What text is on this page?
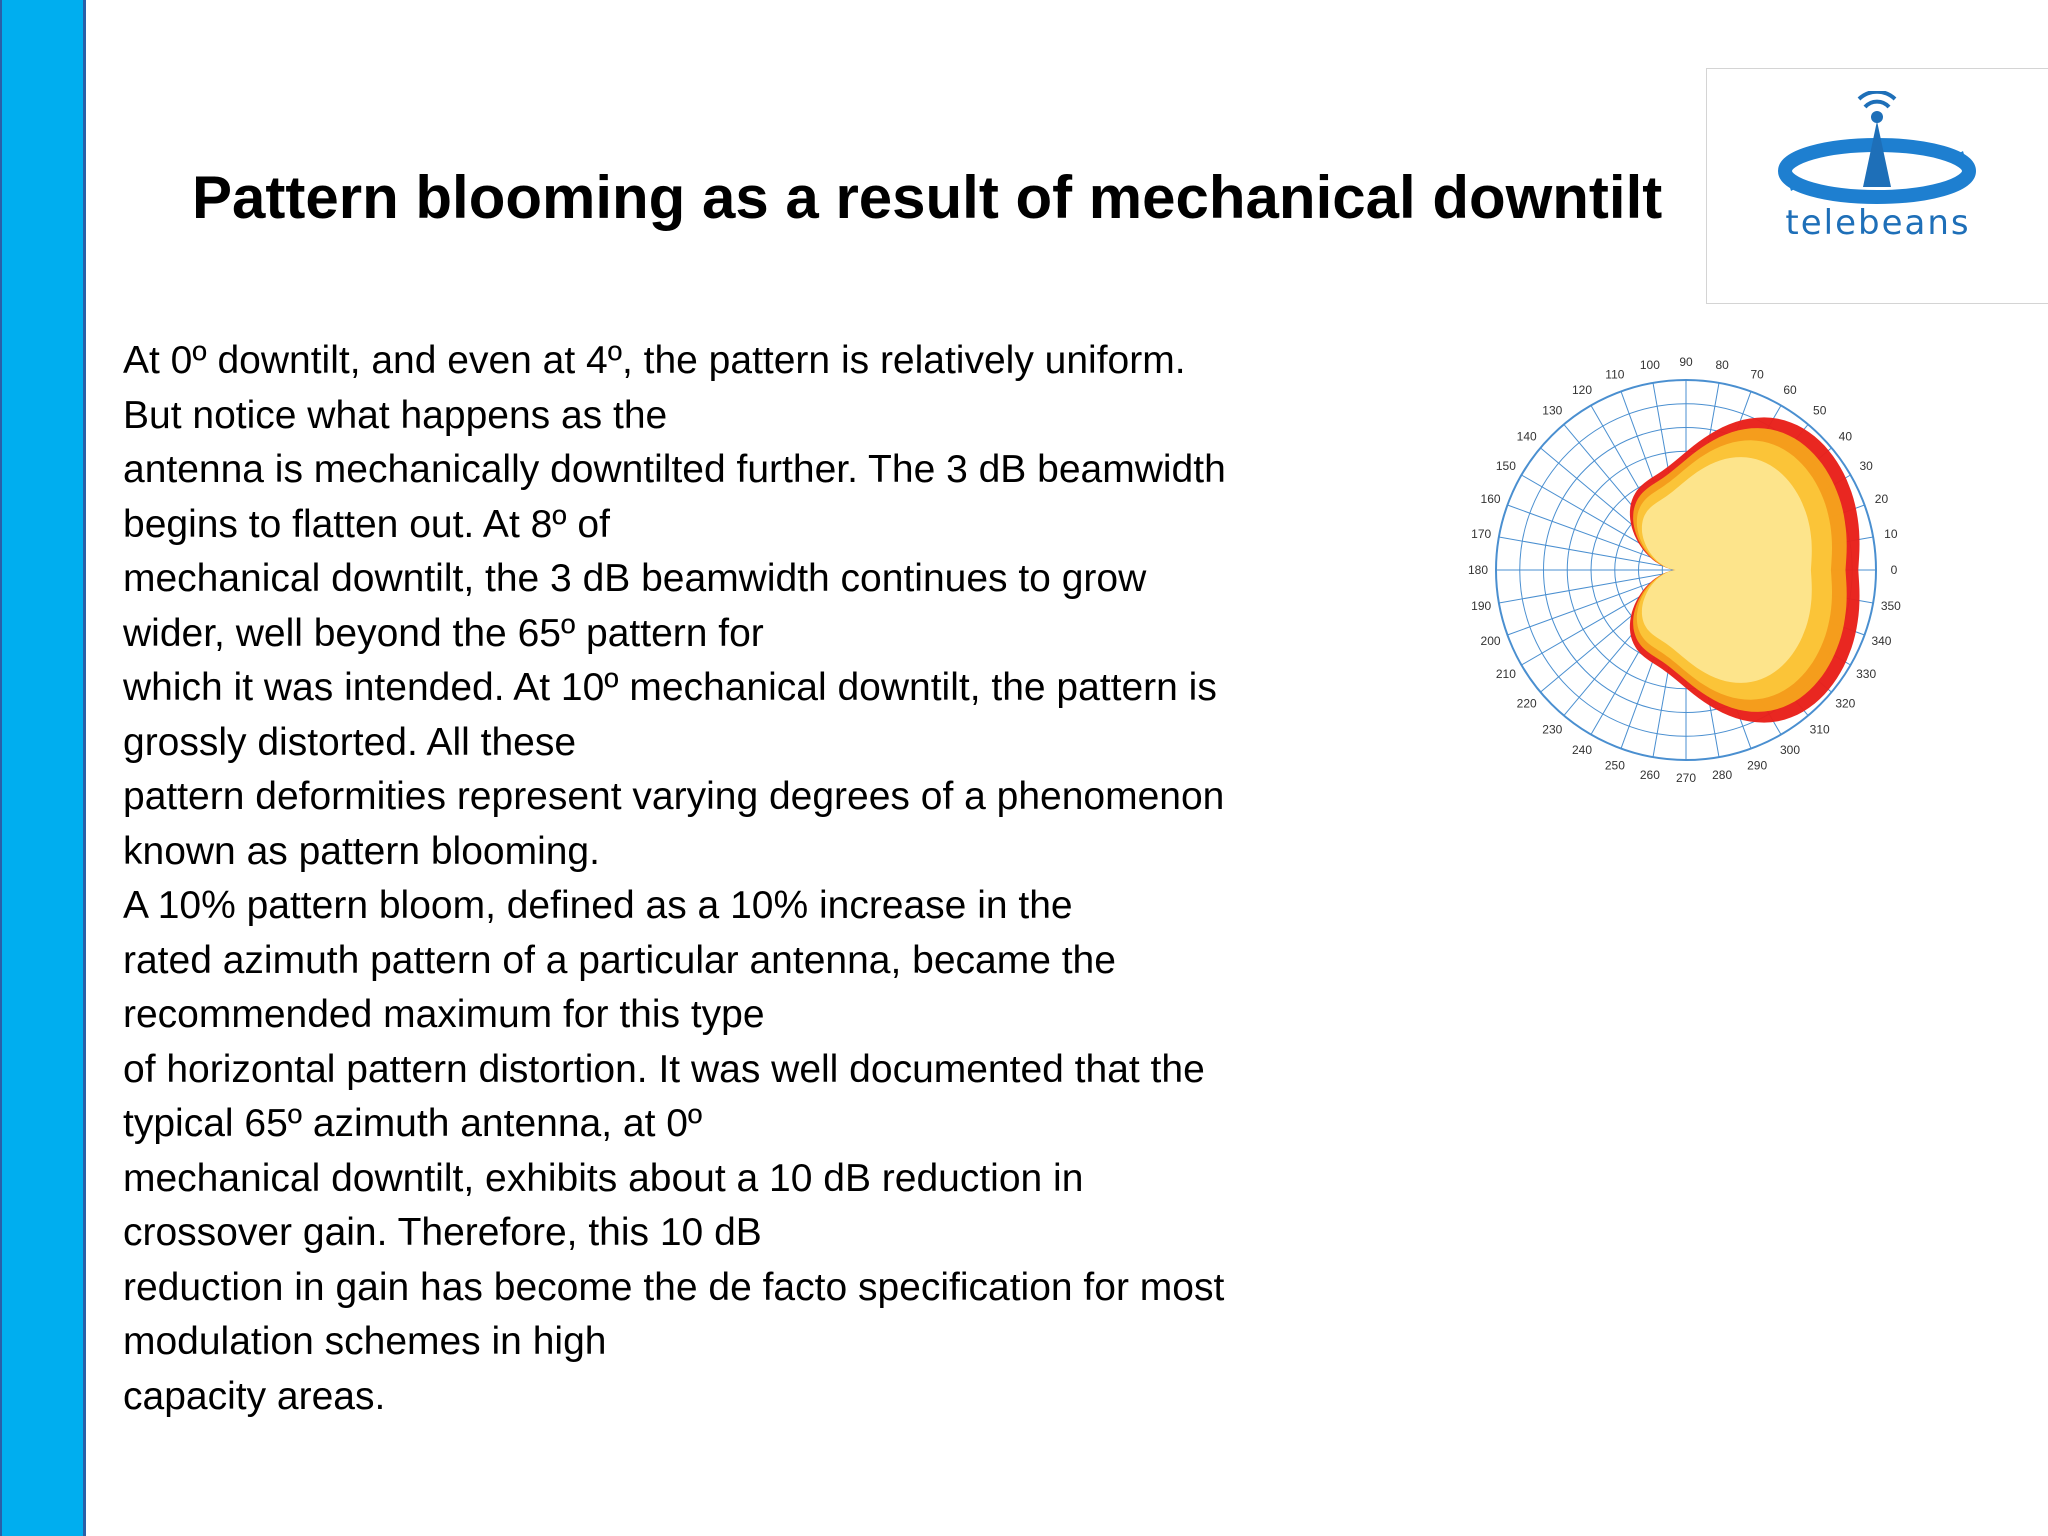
Pattern blooming as a result of mechanical downtilt	telebeans
At 0º downtilt, and even at 4º, the pattern is relatively uniform.
But notice what happens as the
antenna is mechanically downtilted further. The 3 dB beamwidth
begins to flatten out. At 8º of
mechanical downtilt, the 3 dB beamwidth continues to grow
wider, well beyond the 65º pattern for
which it was intended. At 10º mechanical downtilt, the pattern is
grossly distorted. All these
pattern deformities represent varying degrees of a phenomenon
known as pattern blooming.
A 10% pattern bloom, defined as a 10% increase in the
rated azimuth pattern of a particular antenna, became the
recommended maximum for this type
of horizontal pattern distortion. It was well documented that the
typical 65º azimuth antenna, at 0º
mechanical downtilt, exhibits about a 10 dB reduction in
crossover gain. Therefore, this 10 dB
reduction in gain has become the de facto specification for most
modulation schemes in high
capacity areas.
0
10
20
30
40
50
60
70
80
90
100
110
120
130
140
150
160
170
180
190
200
210
220
230
240
250
260 270 280
290
300
310
320
330
340
350
